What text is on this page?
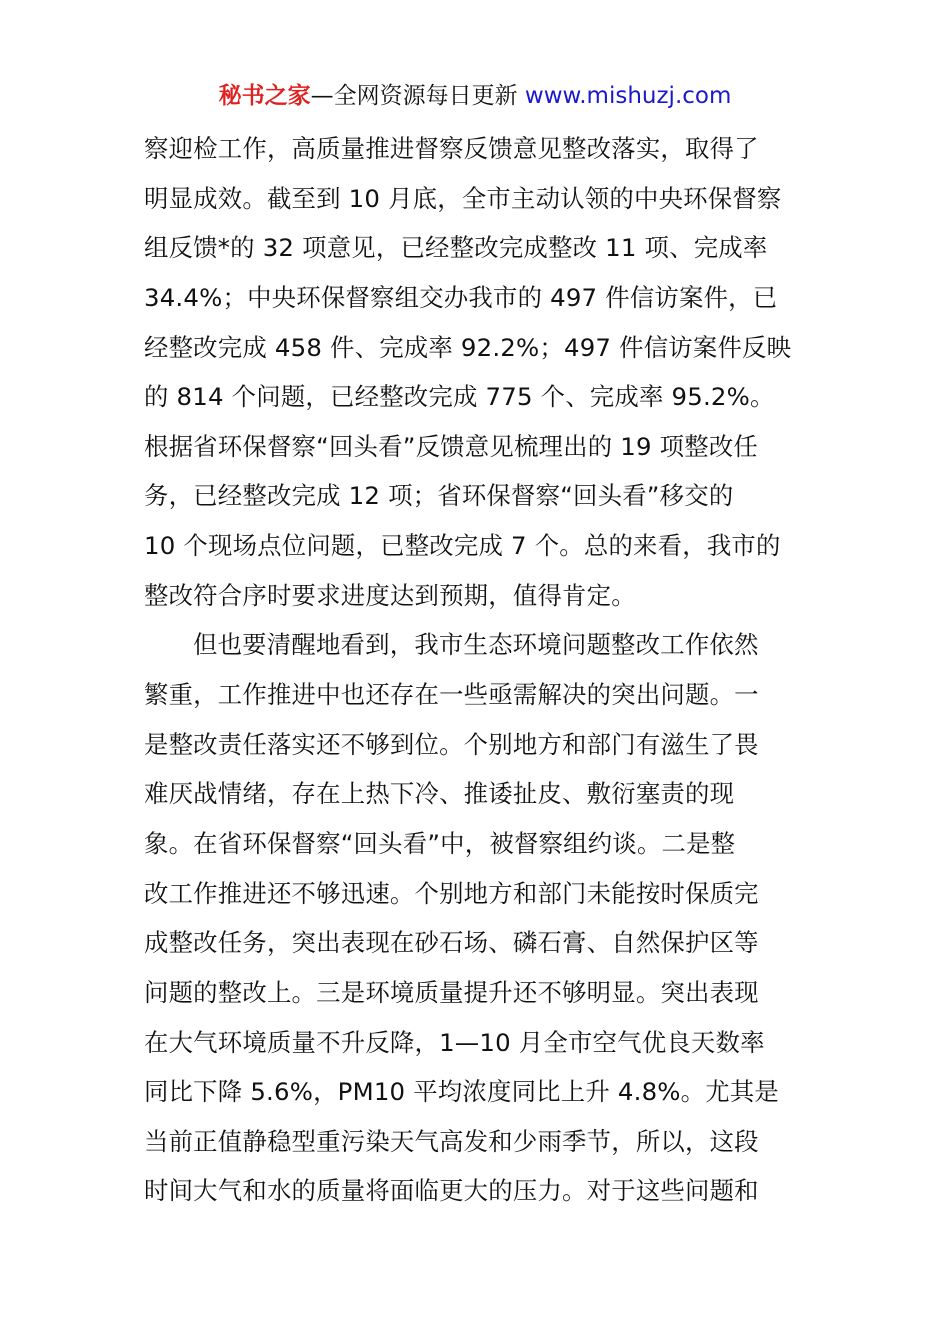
秘书之家—全网资源每日更新 www.mishuzj.com
察迎检工作，高质量推进督察反馈意见整改落实，取得了
明显成效。截至到 10 月底，全市主动认领的中央环保督察
组反馈*的 32 项意见，已经整改完成整改 11 项、完成率
34.4%；中央环保督察组交办我市的 497 件信访案件，已
经整改完成 458 件、完成率 92.2%；497 件信访案件反映
的 814 个问题，已经整改完成 775 个、完成率 95.2%。
根据省环保督察“回头看”反馈意见梳理出的 19 项整改任
务，已经整改完成 12 项；省环保督察“回头看”移交的
10 个现场点位问题，已整改完成 7 个。总的来看，我市的
整改符合序时要求进度达到预期，值得肯定。
但也要清醒地看到，我市生态环境问题整改工作依然
繁重，工作推进中也还存在一些亟需解决的突出问题。一
是整改责任落实还不够到位。个别地方和部门有滋生了畏
难厌战情绪，存在上热下冷、推诿扯皮、敷衍塞责的现
象。在省环保督察“回头看”中，被督察组约谈。二是整
改工作推进还不够迅速。个别地方和部门未能按时保质完
成整改任务，突出表现在砂石场、磷石膏、自然保护区等
问题的整改上。三是环境质量提升还不够明显。突出表现
在大气环境质量不升反降，1—10 月全市空气优良天数率
同比下降 5.6%，PM10 平均浓度同比上升 4.8%。尤其是
当前正值静稳型重污染天气高发和少雨季节，所以，这段
时间大气和水的质量将面临更大的压力。对于这些问题和
